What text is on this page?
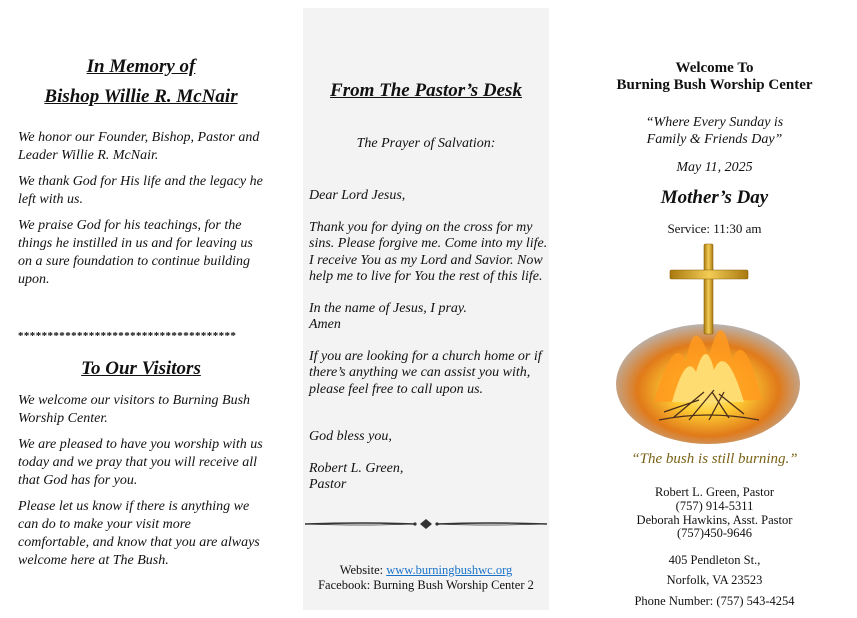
In Memory of

Bishop Willie R. McNair

We honor our Founder, Bishop, Pastor and Leader Willie R. McNair.

We thank God for His life and the legacy he left with us.

We praise God for his teachings, for the things he instilled in us and for leaving us on a sure foundation to continue building upon.

*************************************

To Our Visitors

We welcome our visitors to Burning Bush Worship Center.

We are pleased to have you worship with us today and we pray that you will receive all that God has for you.

Please let us know if there is anything we can do to make your visit more comfortable, and know that you are always welcome here at The Bush.

From The Pastor’s Desk

The Prayer of Salvation:

Dear Lord Jesus,

Thank you for dying on the cross for my sins. Please forgive me. Come into my life. I receive You as my Lord and Savior. Now help me to live for You the rest of this life.

In the name of Jesus, I pray.

Amen

If you are looking for a church home or if there’s anything we can assist you with, please feel free to call upon us.

God bless you,

Robert L. Green,

Pastor

Website: www.burningbushwc.org
Facebook: Burning Bush Worship Center 2
Welcome To
Burning Bush Worship Center
“Where Every Sunday is
Family & Friends Day”
May 11, 2025
Mother’s Day
Service: 11:30 am
“The bush is still burning.”
Robert L. Green, Pastor
(757) 914-5311
Deborah Hawkins, Asst. Pastor
(757)450-9646
405 Pendleton St.,
Norfolk, VA 23523
Phone Number: (757) 543-4254
